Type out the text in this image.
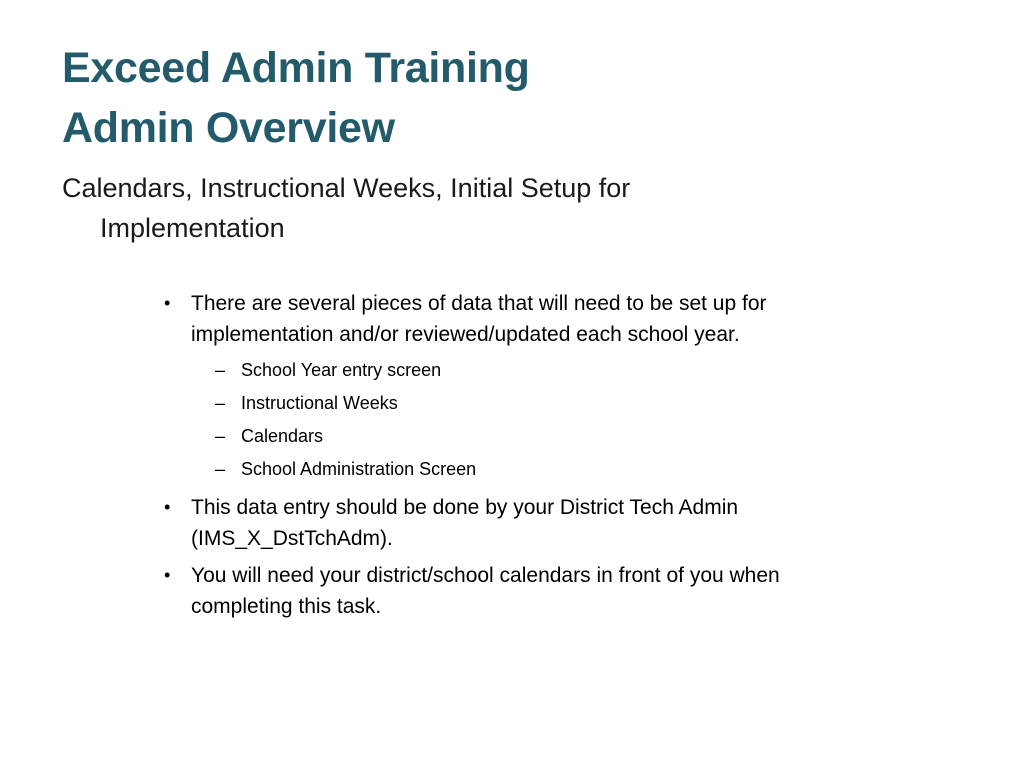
Exceed Admin Training
Admin Overview

Calendars, Instructional Weeks, Initial Setup for Implementation

• There are several pieces of data that will need to be set up for implementation and/or reviewed/updated each school year.
– School Year entry screen
– Instructional Weeks
– Calendars
– School Administration Screen
• This data entry should be done by your District Tech Admin (IMS_X_DstTchAdm).
• You will need your district/school calendars in front of you when completing this task.
